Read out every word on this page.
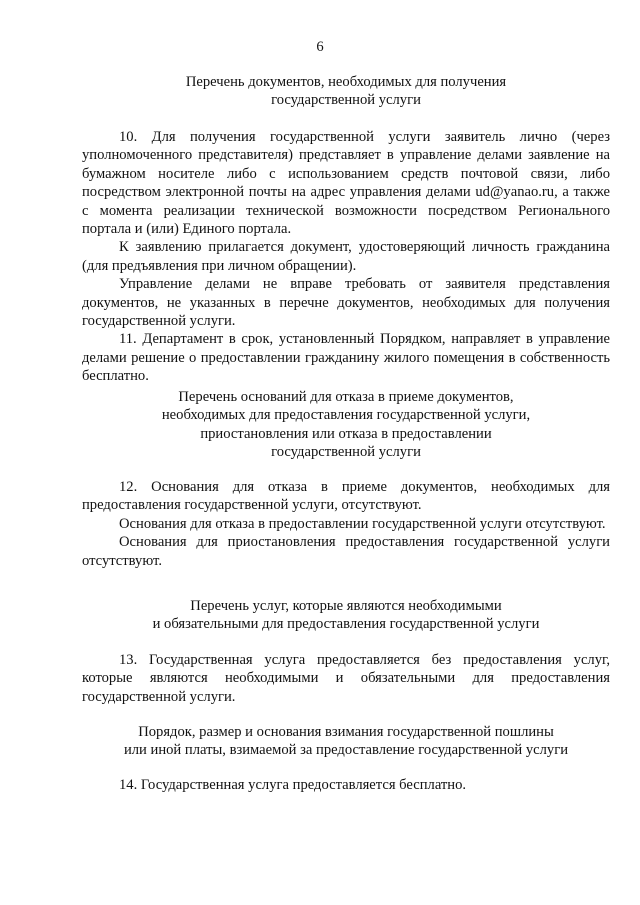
6
Перечень документов, необходимых для получения
государственной услуги

10. Для получения государственной услуги заявитель лично (через уполномоченного представителя) представляет в управление делами заявление на бумажном носителе либо с использованием средств почтовой связи, либо посредством электронной почты на адрес управления делами ud@yanao.ru, а также с момента реализации технической возможности посредством Регионального портала и (или) Единого портала.

К заявлению прилагается документ, удостоверяющий личность гражданина (для предъявления при личном обращении).

Управление делами не вправе требовать от заявителя представления документов, не указанных в перечне документов, необходимых для получения государственной услуги.

11. Департамент в срок, установленный Порядком, направляет в управление делами решение о предоставлении гражданину жилого помещения в собственность бесплатно.

Перечень оснований для отказа в приеме документов,
необходимых для предоставления государственной услуги,
приостановления или отказа в предоставлении
государственной услуги

12. Основания для отказа в приеме документов, необходимых для предоставления государственной услуги, отсутствуют.

Основания для отказа в предоставлении государственной услуги отсутствуют.

Основания для приостановления предоставления государственной услуги отсутствуют.

Перечень услуг, которые являются необходимыми
и обязательными для предоставления государственной услуги

13. Государственная услуга предоставляется без предоставления услуг, которые являются необходимыми и обязательными для предоставления государственной услуги.

Порядок, размер и основания взимания государственной пошлины
или иной платы, взимаемой за предоставление государственной услуги

14. Государственная услуга предоставляется бесплатно.
